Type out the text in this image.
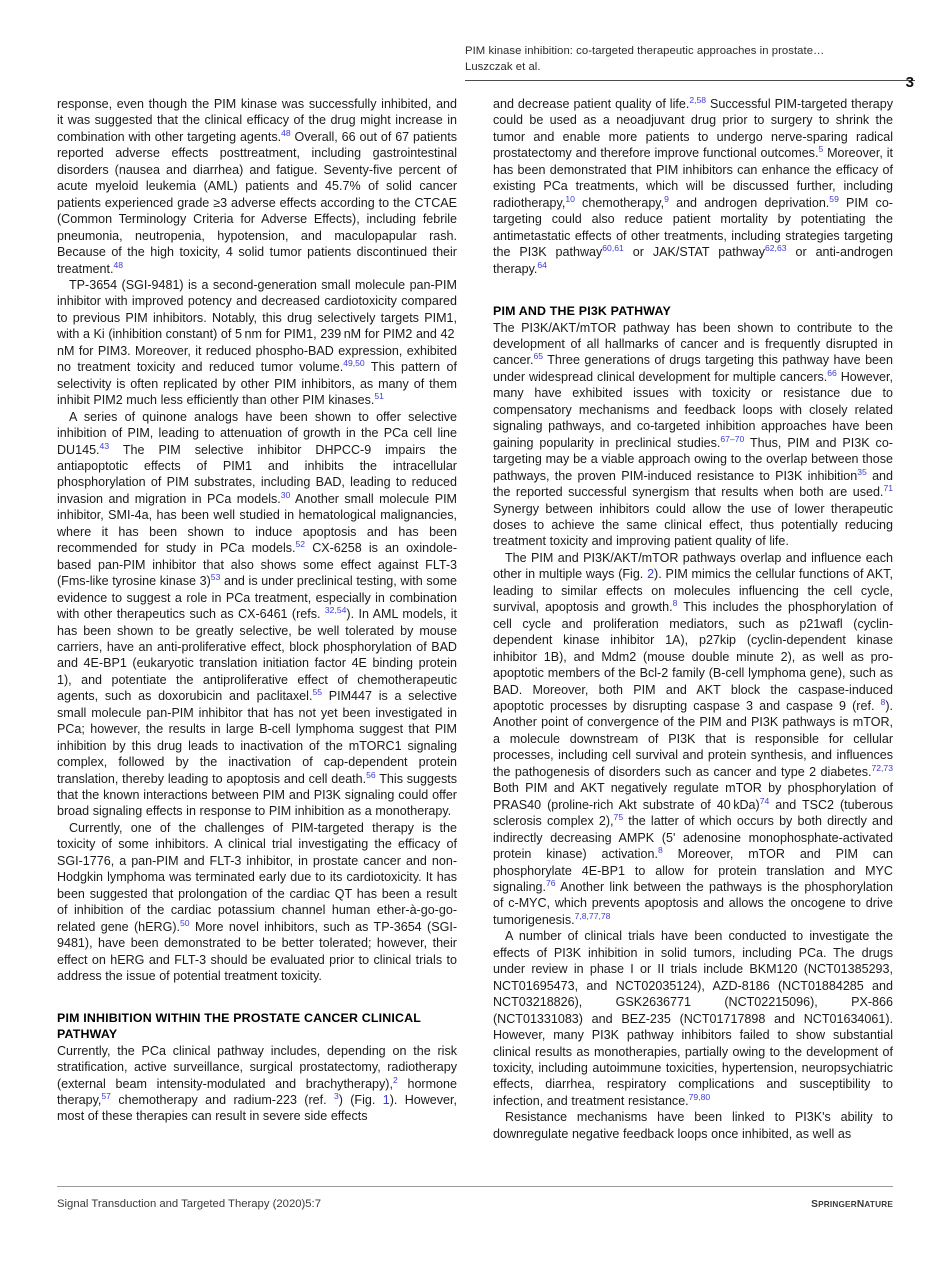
PIM kinase inhibition: co-targeted therapeutic approaches in prostate…
Luszczak et al.
3

response, even though the PIM kinase was successfully inhibited, and it was suggested that the clinical efficacy of the drug might increase in combination with other targeting agents.$^{48}$ Overall, 66 out of 67 patients reported adverse effects posttreatment, including gastrointestinal disorders (nausea and diarrhea) and fatigue. Seventy-five percent of acute myeloid leukemia (AML) patients and 45.7% of solid cancer patients experienced grade ≥3 adverse effects according to the CTCAE (Common Terminology Criteria for Adverse Effects), including febrile pneumonia, neutropenia, hypotension, and maculopapular rash. Because of the high toxicity, 4 solid tumor patients discontinued their treatment.$^{48}$

TP-3654 (SGI-9481) is a second-generation small molecule pan-PIM inhibitor with improved potency and decreased cardiotoxicity compared to previous PIM inhibitors. Notably, this drug selectively targets PIM1, with a Ki (inhibition constant) of 5 nm for PIM1, 239 nM for PIM2 and 42 nM for PIM3. Moreover, it reduced phospho-BAD expression, exhibited no treatment toxicity and reduced tumor volume.$^{49,50}$ This pattern of selectivity is often replicated by other PIM inhibitors, as many of them inhibit PIM2 much less efficiently than other PIM kinases.$^{51}$

A series of quinone analogs have been shown to offer selective inhibition of PIM, leading to attenuation of growth in the PCa cell line DU145.43 The PIM selective inhibitor DHPCC-9 impairs the antiapoptotic effects of PIM1 and inhibits the intracellular phosphorylation of PIM substrates, including BAD, leading to reduced invasion and migration in PCa models.$^{30}$ Another small molecule PIM inhibitor, SMI-4a, has been well studied in hematological malignancies, where it has been shown to induce apoptosis and has been recommended for study in PCa models.$^{52}$ CX-6258 is an oxindole-based pan-PIM inhibitor that also shows some effect against FLT-3 (Fms-like tyrosine kinase 3)$^{53}$ and is under preclinical testing, with some evidence to suggest a role in PCa treatment, especially in combination with other therapeutics such as CX-6461 (refs. $^{32,54}$). In AML models, it has been shown to be greatly selective, be well tolerated by mouse carriers, have an anti-proliferative effect, block phosphorylation of BAD and 4E-BP1 (eukaryotic translation initiation factor 4E binding protein 1), and potentiate the antiproliferative effect of chemotherapeutic agents, such as doxorubicin and paclitaxel.$^{55}$ PIM447 is a selective small molecule pan-PIM inhibitor that has not yet been investigated in PCa; however, the results in large B-cell lymphoma suggest that PIM inhibition by this drug leads to inactivation of the mTORC1 signaling complex, followed by the inactivation of cap-dependent protein translation, thereby leading to apoptosis and cell death.$^{56}$ This suggests that the known interactions between PIM and PI3K signaling could offer broad signaling effects in response to PIM inhibition as a monotherapy.

Currently, one of the challenges of PIM-targeted therapy is the toxicity of some inhibitors. A clinical trial investigating the efficacy of SGI-1776, a pan-PIM and FLT-3 inhibitor, in prostate cancer and non-Hodgkin lymphoma was terminated early due to its cardiotoxicity. It has been suggested that prolongation of the cardiac QT has been a result of inhibition of the cardiac potassium channel human ether-à-go-go-related gene (hERG).$^{50}$ More novel inhibitors, such as TP-3654 (SGI-9481), have been demonstrated to be better tolerated; however, their effect on hERG and FLT-3 should be evaluated prior to clinical trials to address the issue of potential treatment toxicity.

PIM INHIBITION WITHIN THE PROSTATE CANCER CLINICAL PATHWAY

Currently, the PCa clinical pathway includes, depending on the risk stratification, active surveillance, surgical prostatectomy, radiotherapy (external beam intensity-modulated and brachytherapy),$^2$ hormone therapy,$^{57}$ chemotherapy and radium-223 (ref. $^3$) (Fig. 1). However, most of these therapies can result in severe side effects

and decrease patient quality of life.$^{2,58}$ Successful PIM-targeted therapy could be used as a neoadjuvant drug prior to surgery to shrink the tumor and enable more patients to undergo nerve-sparing radical prostatectomy and therefore improve functional outcomes.$^5$ Moreover, it has been demonstrated that PIM inhibitors can enhance the efficacy of existing PCa treatments, which will be discussed further, including radiotherapy,$^{10}$ chemotherapy,$^9$ and androgen deprivation.$^{59}$ PIM co-targeting could also reduce patient mortality by potentiating the antimetastatic effects of other treatments, including strategies targeting the PI3K pathway$^{60,61}$ or JAK/STAT pathway$^{62,63}$ or anti-androgen therapy.$^{64}$

PIM AND THE PI3K PATHWAY

The PI3K/AKT/mTOR pathway has been shown to contribute to the development of all hallmarks of cancer and is frequently disrupted in cancer.$^{65}$ Three generations of drugs targeting this pathway have been under widespread clinical development for multiple cancers.$^{66}$ However, many have exhibited issues with toxicity or resistance due to compensatory mechanisms and feedback loops with closely related signaling pathways, and co-targeted inhibition approaches have been gaining popularity in preclinical studies.$^{67-70}$ Thus, PIM and PI3K co-targeting may be a viable approach owing to the overlap between those pathways, the proven PIM-induced resistance to PI3K inhibition$^{35}$ and the reported successful synergism that results when both are used.$^{71}$ Synergy between inhibitors could allow the use of lower therapeutic doses to achieve the same clinical effect, thus potentially reducing treatment toxicity and improving patient quality of life.

The PIM and PI3K/AKT/mTOR pathways overlap and influence each other in multiple ways (Fig. 2). PIM mimics the cellular functions of AKT, leading to similar effects on molecules influencing the cell cycle, survival, apoptosis and growth.$^8$ This includes the phosphorylation of cell cycle and proliferation mediators, such as p21wafl (cyclin-dependent kinase inhibitor 1A), p27kip (cyclin-dependent kinase inhibitor 1B), and Mdm2 (mouse double minute 2), as well as pro-apoptotic members of the Bcl-2 family (B-cell lymphoma gene), such as BAD. Moreover, both PIM and AKT block the caspase-induced apoptotic processes by disrupting caspase 3 and caspase 9 (ref. $^8$). Another point of convergence of the PIM and PI3K pathways is mTOR, a molecule downstream of PI3K that is responsible for cellular processes, including cell survival and protein synthesis, and influences the pathogenesis of disorders such as cancer and type 2 diabetes.$^{72,73}$ Both PIM and AKT negatively regulate mTOR by phosphorylation of PRAS40 (proline-rich Akt substrate of 40 kDa)$^{74}$ and TSC2 (tuberous sclerosis complex 2),$^{75}$ the latter of which occurs by both directly and indirectly decreasing AMPK (5' adenosine monophosphate-activated protein kinase) activation.$^8$ Moreover, mTOR and PIM can phosphorylate 4E-BP1 to allow for protein translation and MYC signaling.$^{76}$ Another link between the pathways is the phosphorylation of c-MYC, which prevents apoptosis and allows the oncogene to drive tumorigenesis.$^{7,8,77,78}$

A number of clinical trials have been conducted to investigate the effects of PI3K inhibition in solid tumors, including PCa. The drugs under review in phase I or II trials include BKM120 (NCT01385293, NCT01695473, and NCT02035124), AZD-8186 (NCT01884285 and NCT03218826), GSK2636771 (NCT02215096), PX-866 (NCT01331083) and BEZ-235 (NCT01717898 and NCT01634061). However, many PI3K pathway inhibitors failed to show substantial clinical results as monotherapies, partially owing to the development of toxicity, including autoimmune toxicities, hypertension, neuropsychiatric effects, diarrhea, respiratory complications and susceptibility to infection, and treatment resistance.$^{79,80}$

Resistance mechanisms have been linked to PI3K's ability to downregulate negative feedback loops once inhibited, as well as

Signal Transduction and Targeted Therapy (2020)5:7	SPRINGERNATURE
